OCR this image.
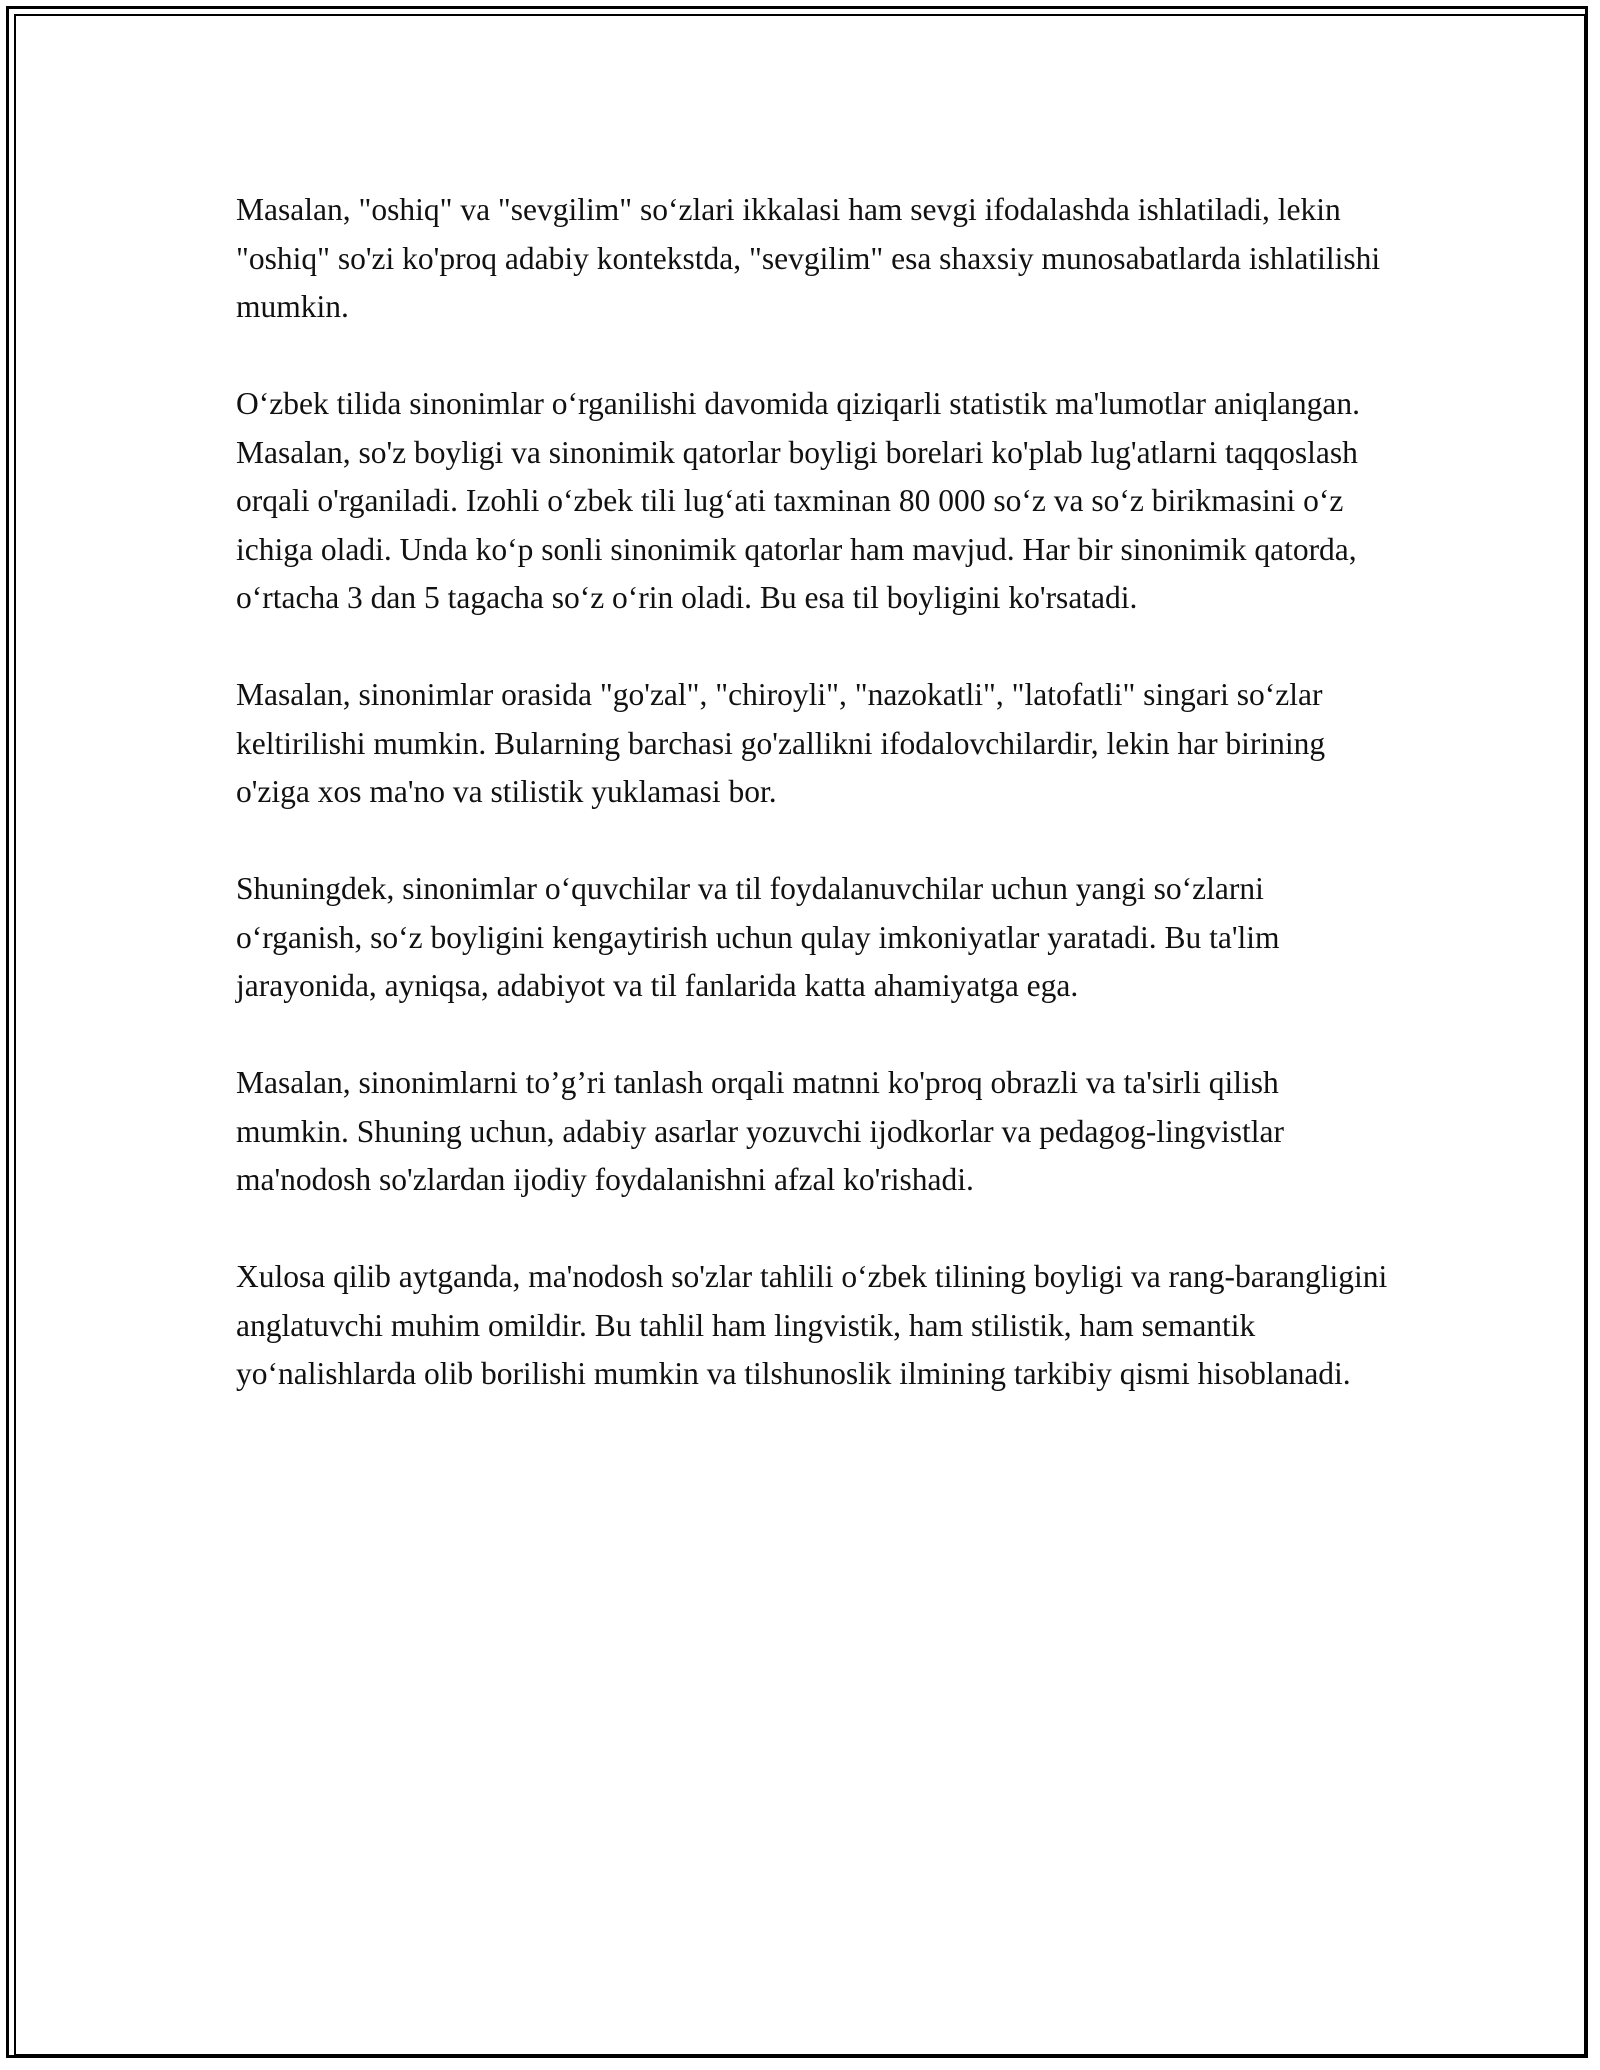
Masalan, "oshiq" va "sevgilim" so‘zlari ikkalasi ham sevgi ifodalashda ishlatiladi, lekin "oshiq" so'zi ko'proq adabiy kontekstda, "sevgilim" esa shaxsiy munosabatlarda ishlatilishi mumkin.

O‘zbek tilida sinonimlar o‘rganilishi davomida qiziqarli statistik ma'lumotlar aniqlangan. Masalan, so'z boyligi va sinonimik qatorlar boyligi borelari ko'plab lug'atlarni taqqoslash orqali o'rganiladi. Izohli o‘zbek tili lug‘ati taxminan 80 000 so‘z va so‘z birikmasini o‘z ichiga oladi. Unda ko‘p sonli sinonimik qatorlar ham mavjud. Har bir sinonimik qatorda, o‘rtacha 3 dan 5 tagacha so‘z o‘rin oladi. Bu esa til boyligini ko'rsatadi.

Masalan, sinonimlar orasida "go'zal", "chiroyli", "nazokatli", "latofatli" singari so‘zlar keltirilishi mumkin. Bularning barchasi go'zallikni ifodalovchilardir, lekin har birining o'ziga xos ma'no va stilistik yuklamasi bor.

Shuningdek, sinonimlar o‘quvchilar va til foydalanuvchilar uchun yangi so‘zlarni o‘rganish, so‘z boyligini kengaytirish uchun qulay imkoniyatlar yaratadi. Bu ta'lim jarayonida, ayniqsa, adabiyot va til fanlarida katta ahamiyatga ega.

Masalan, sinonimlarni to’g’ri tanlash orqali matnni ko'proq obrazli va ta'sirli qilish mumkin. Shuning uchun, adabiy asarlar yozuvchi ijodkorlar va pedagog-lingvistlar ma'nodosh so'zlardan ijodiy foydalanishni afzal ko'rishadi.

Xulosa qilib aytganda, ma'nodosh so'zlar tahlili o‘zbek tilining boyligi va rang-barangligini anglatuvchi muhim omildir. Bu tahlil ham lingvistik, ham stilistik, ham semantik yo‘nalishlarda olib borilishi mumkin va tilshunoslik ilmining tarkibiy qismi hisoblanadi.
